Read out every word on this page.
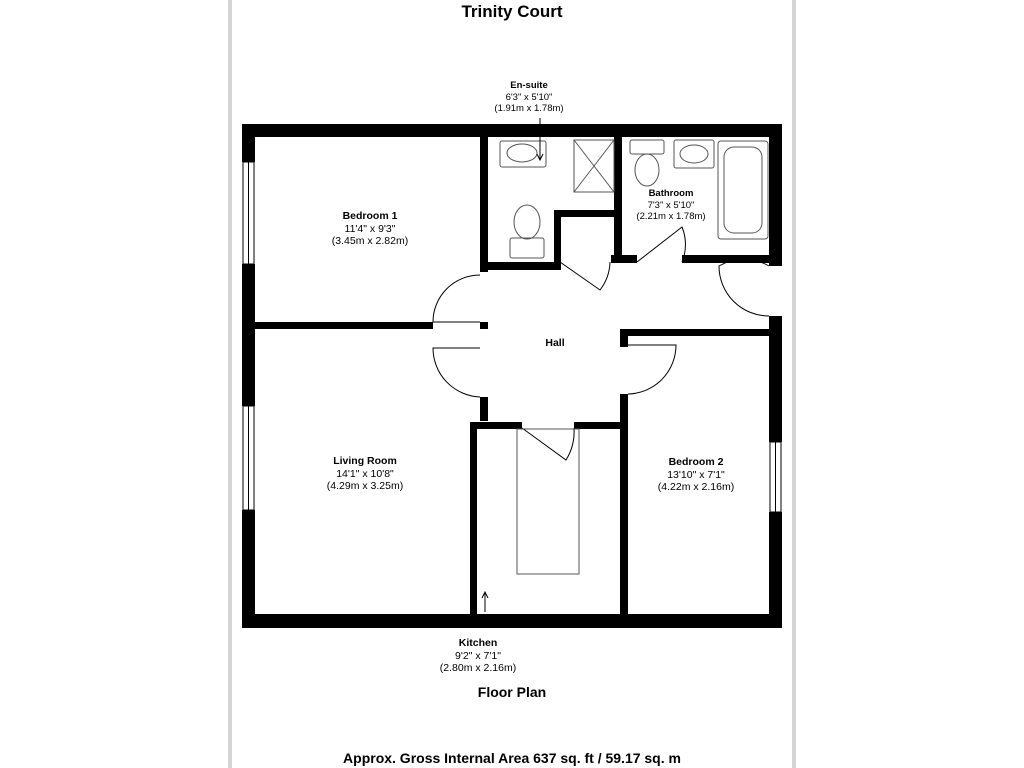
Trinity Court
En-suite
6'3" x 5'10"
(1.91m x 1.78m)
Bathroom
7'3" x 5'10"
(2.21m x 1.78m)
Bedroom 1
11'4" x 9'3"
(3.45m x 2.82m)
Hall
Living Room
14'1" x 10'8"
(4.29m x 3.25m)
Bedroom 2
13'10" x 7'1"
(4.22m x 2.16m)
Kitchen
9'2" x 7'1"
(2.80m x 2.16m)
Floor Plan
Approx. Gross Internal Area 637 sq. ft / 59.17 sq. m
